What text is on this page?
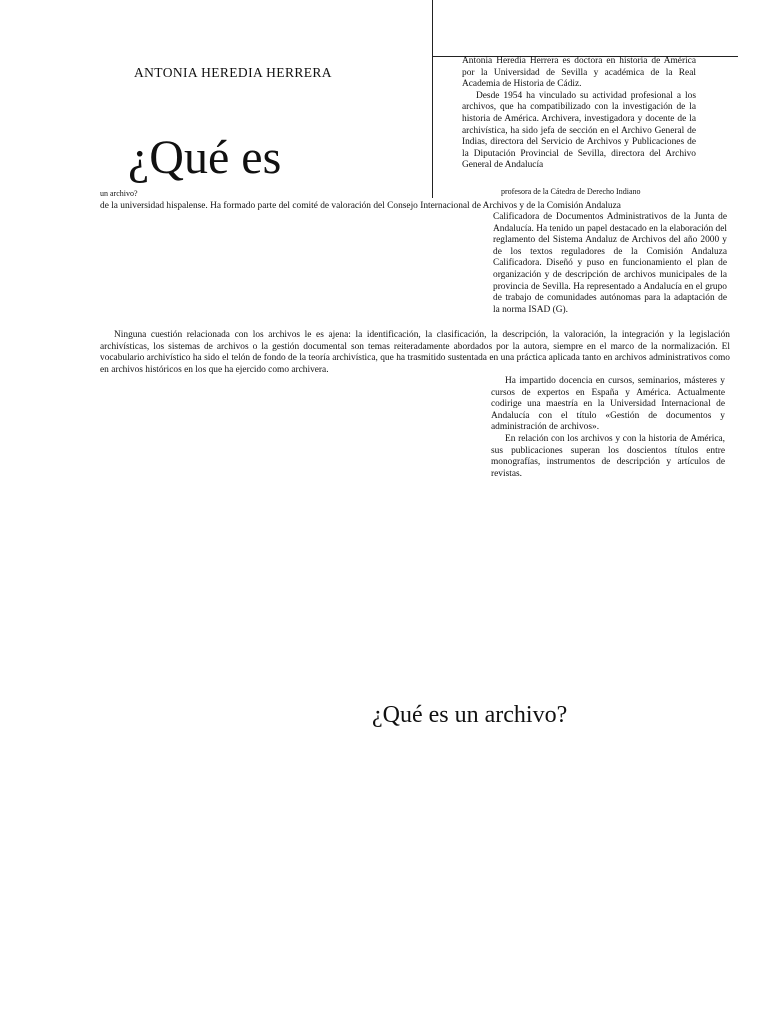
ANTONIA HEREDIA HERRERA
¿Qué es

Antonia Heredia Herrera es doctora en historia de América por la Universidad de Sevilla y académica de la Real Academia de Historia de Cádiz.

Desde 1954 ha vinculado su actividad profesional a los archivos, que ha compatibilizado con la investigación de la historia de América. Archivera, investigadora y docente de la archivística, ha sido jefa de sección en el Archivo General de Indias, directora del Servicio de Archivos y Publicaciones de la Diputación Provincial de Sevilla, directora del Archivo General de Andalucía

profesora de la Cátedra de Derecho Indiano
un archivo?
de la universidad hispalense. Ha formado parte del comité de valoración del Consejo Internacional de Archivos y de la Comisión Andaluza

Calificadora de Documentos Administrativos de la Junta de Andalucía. Ha tenido un papel destacado en la elaboración del reglamento del Sistema Andaluz de Archivos del año 2000 y de los textos reguladores de la Comisión Andaluza Calificadora. Diseñó y puso en funcionamiento el plan de organización y de descripción de archivos municipales de la provincia de Sevilla. Ha representado a Andalucía en el grupo de trabajo de comunidades autónomas para la adaptación de la norma ISAD (G).

Ninguna cuestión relacionada con los archivos le es ajena: la identificación, la clasificación, la descripción, la valoración, la integración y la legislación archivísticas, los sistemas de archivos o la gestión documental son temas reiteradamente abordados por la autora, siempre en el marco de la normalización. El vocabulario archivístico ha sido el telón de fondo de la teoría archivística, que ha trasmitido sustentada en una práctica aplicada tanto en archivos administrativos como en archivos históricos en los que ha ejercido como archivera.

Ha impartido docencia en cursos, seminarios, másteres y cursos de expertos en España y América. Actualmente codirige una maestría en la Universidad Internacional de Andalucía con el título «Gestión de documentos y administración de archivos».

En relación con los archivos y con la historia de América, sus publicaciones superan los doscientos títulos entre monografías, instrumentos de descripción y artículos de revistas.

¿Qué es un archivo?
